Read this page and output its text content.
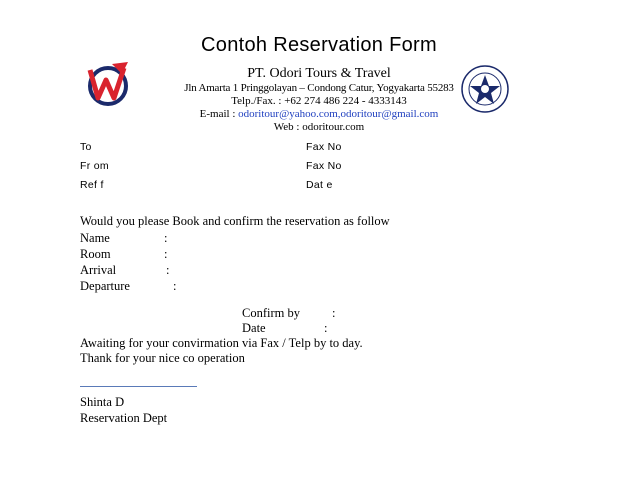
Contoh Reservation Form
PT. Odori Tours & Travel
Jln Amarta 1 Pringgolayan – Condong Catur, Yogyakarta 55283
Telp./Fax. : +62 274 486 224 - 4333143
E-mail : odoritour@yahoo.com,odoritour@gmail.com
Web : odoritour.com
To	Fax No
Fr om	Fax No
Ref f	Dat e
Would you please Book and confirm the reservation as follow
Name	:
Room	:
Arrival	:
Departure	:
Confirm by	:
Date	:
Awaiting for your convirmation via Fax / Telp by to day.
Thank for your nice co operation
Shinta D
Reservation Dept
